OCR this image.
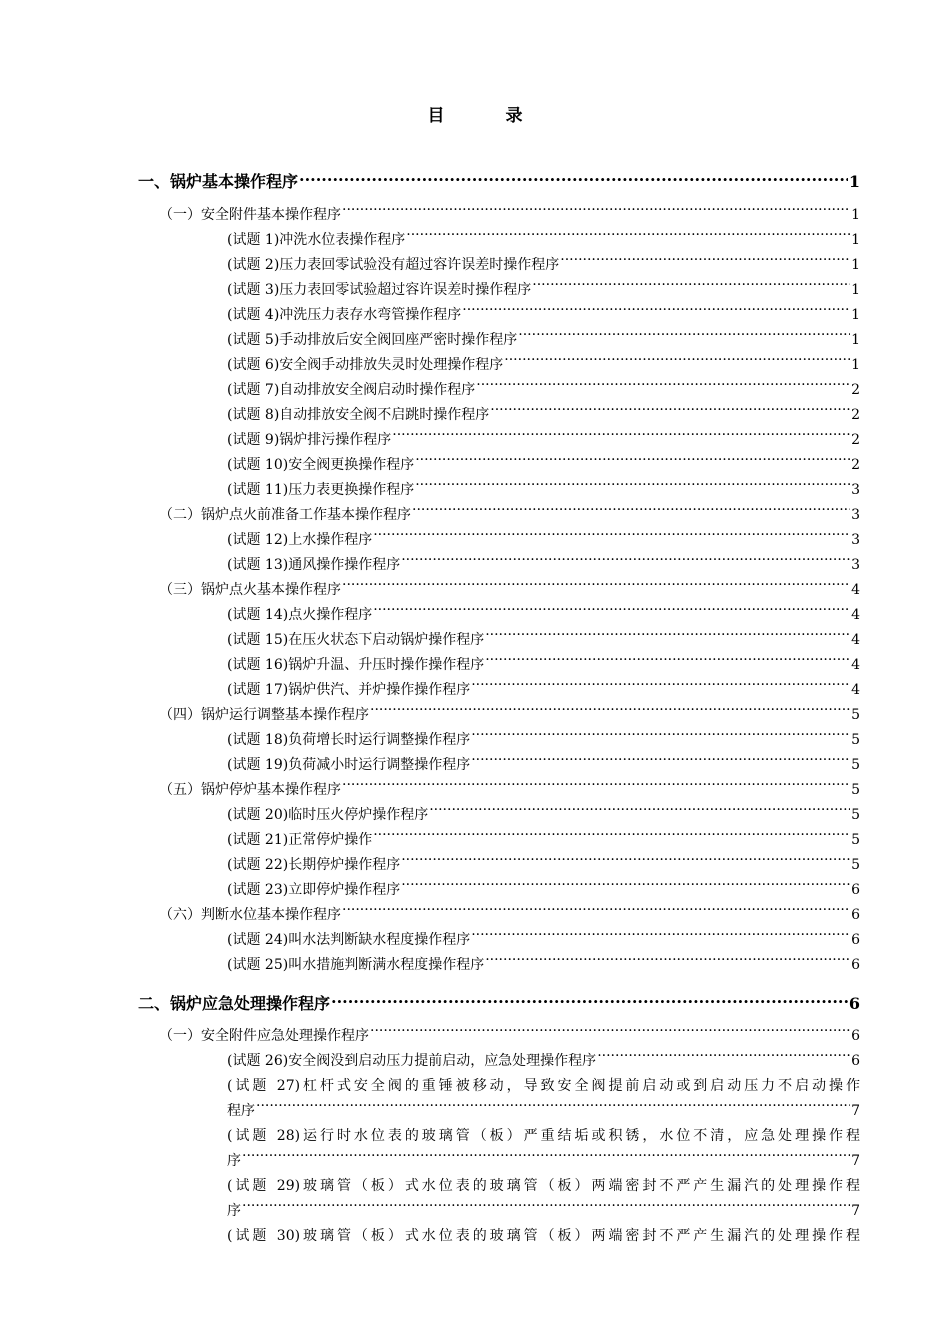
目　录
一、锅炉基本操作程序 .....	1
（一）安全附件基本操作程序 .....	1
(试题 1)冲洗水位表操作程序 .....	1
(试题 2)压力表回零试验没有超过容许误差时操作程序 .....	1
(试题 3)压力表回零试验超过容许误差时操作程序 .....	1
(试题 4)冲洗压力表存水弯管操作程序 .....	1
(试题 5)手动排放后安全阀回座严密时操作程序 .....	1
(试题 6)安全阀手动排放失灵时处理操作程序 .....	1
(试题 7)自动排放安全阀启动时操作程序 .....	2
(试题 8)自动排放安全阀不启跳时操作程序 .....	2
(试题 9)锅炉排污操作程序 .....	2
(试题 10)安全阀更换操作程序 .....	2
(试题 11)压力表更换操作程序 .....	3
（二）锅炉点火前准备工作基本操作程序 .....	3
(试题 12)上水操作程序 .....	3
(试题 13)通风操作操作程序 .....	3
（三）锅炉点火基本操作程序 .....	4
(试题 14)点火操作程序 .....	4
(试题 15)在压火状态下启动锅炉操作程序 .....	4
(试题 16)锅炉升温、升压时操作操作程序 .....	4
(试题 17)锅炉供汽、并炉操作操作程序 .....	4
（四）锅炉运行调整基本操作程序 .....	5
(试题 18)负荷增长时运行调整操作程序 .....	5
(试题 19)负荷减小时运行调整操作程序 .....	5
（五）锅炉停炉基本操作程序 .....	5
(试题 20)临时压火停炉操作程序 .....	5
(试题 21)正常停炉操作 .....	5
(试题 22)长期停炉操作程序 .....	5
(试题 23)立即停炉操作程序 .....	6
（六）判断水位基本操作程序 .....	6
(试题 24)叫水法判断缺水程度操作程序 .....	6
(试题 25)叫水措施判断满水程度操作程序 .....	6
二、锅炉应急处理操作程序 .....	6
（一）安全附件应急处理操作程序 .....	6
(试题 26)安全阀没到启动压力提前启动，应急处理操作程序 .....	6
(试题 27)杠杆式安全阀的重锤被移动，导致安全阀提前启动或到启动压力不启动操作
程序 .....	7
(试题 28)运行时水位表的玻璃管（板）严重结垢或积锈，水位不清，应急处理操作程
序 .....	7
(试题 29)玻璃管（板）式水位表的玻璃管（板）两端密封不严产生漏汽的处理操作程
序 .....	7
(试题 30)玻璃管（板）式水位表的玻璃管（板）两端密封不严产生漏汽的处理操作程
